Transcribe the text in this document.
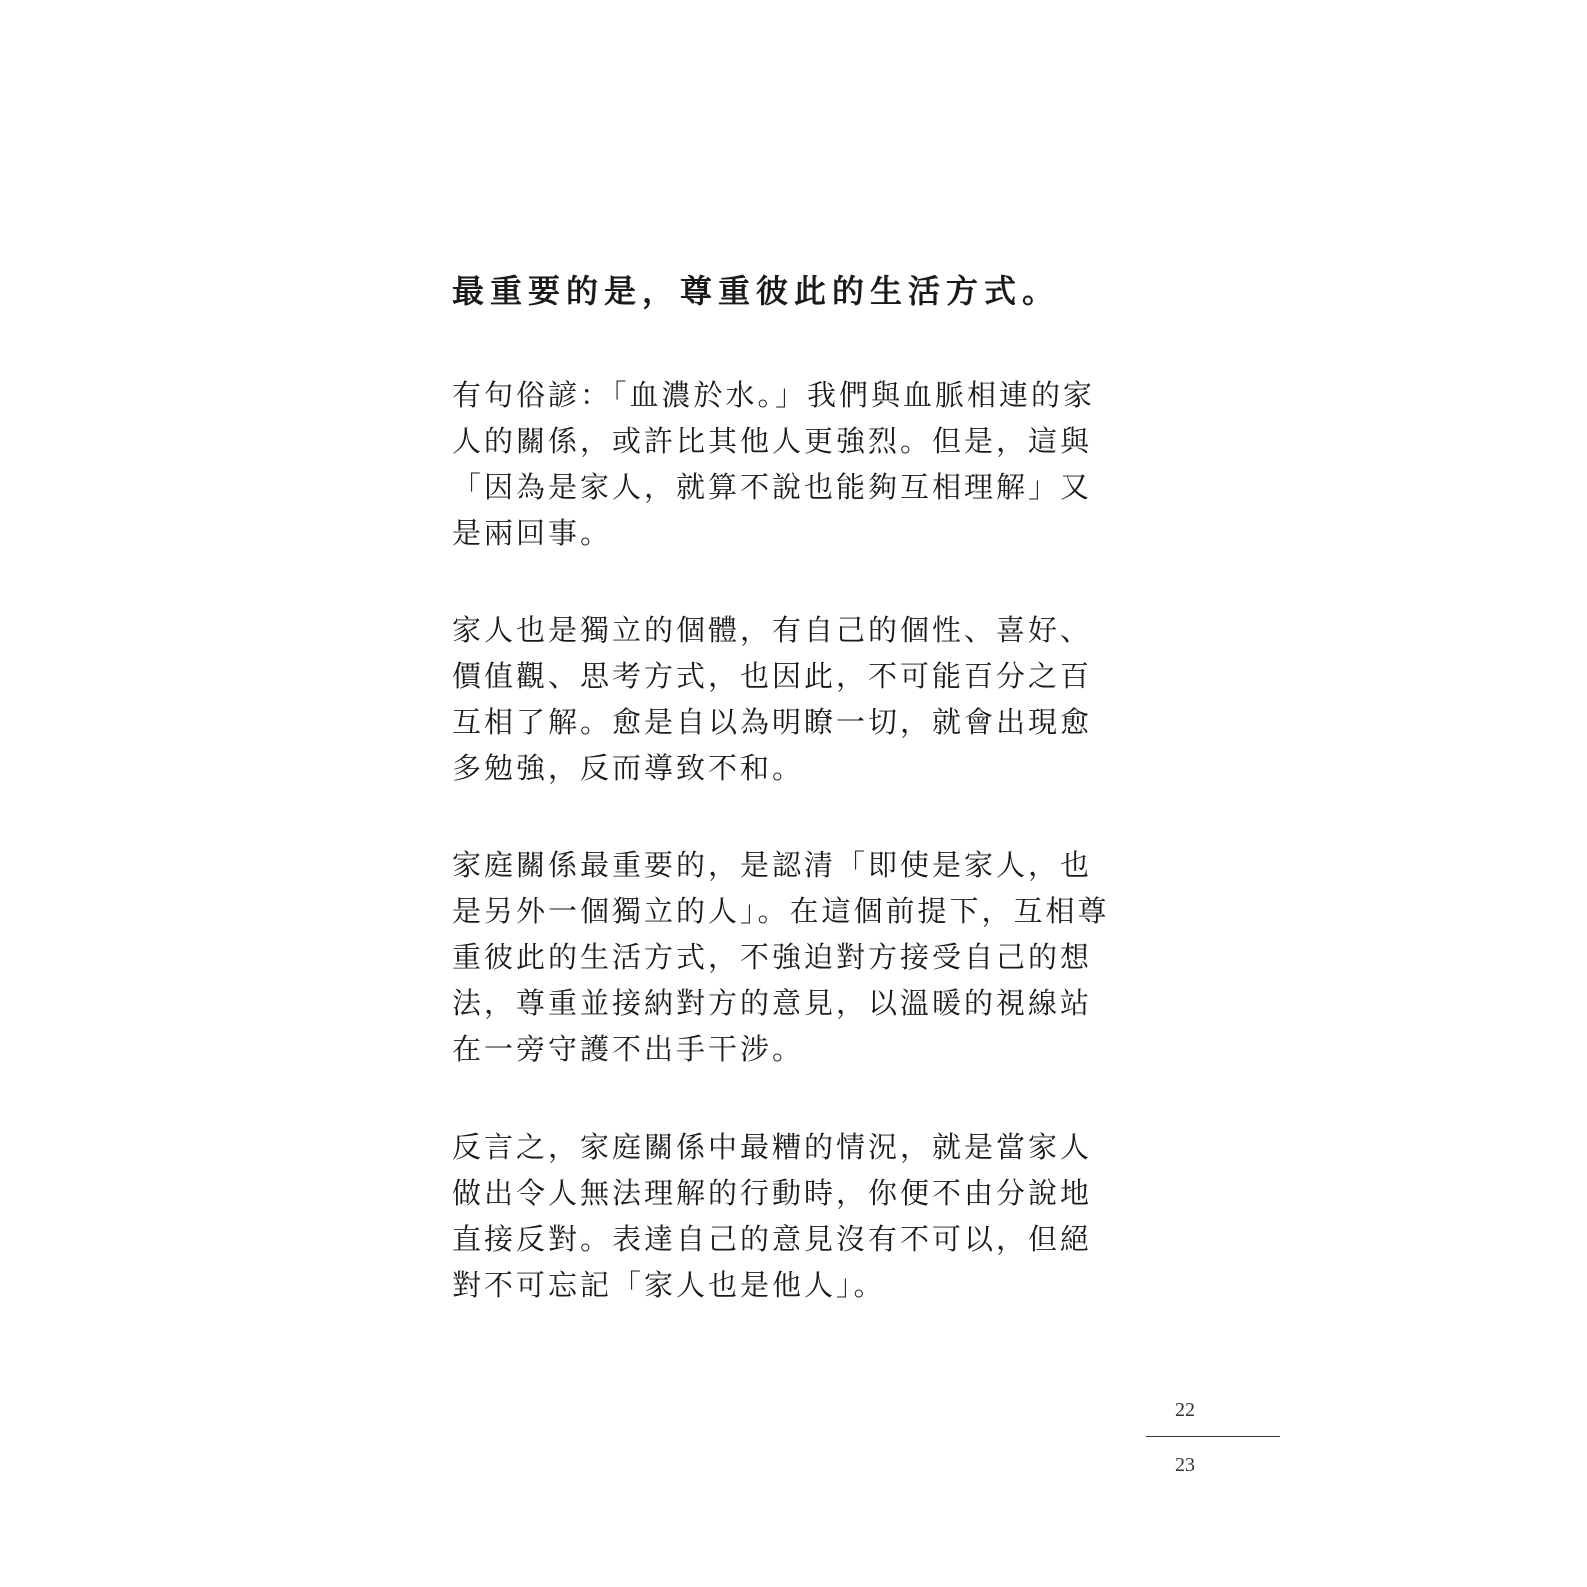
最重要的是，尊重彼此的生活方式。

有句俗諺：「血濃於水。」我們與血脈相連的家
人的關係，或許比其他人更強烈。但是，這與
「因為是家人，就算不說也能夠互相理解」又
是兩回事。

家人也是獨立的個體，有自己的個性、喜好、
價值觀、思考方式，也因此，不可能百分之百
互相了解。愈是自以為明瞭一切，就會出現愈
多勉強，反而導致不和。

家庭關係最重要的，是認清「即使是家人，也
是另外一個獨立的人」。在這個前提下，互相尊
重彼此的生活方式，不強迫對方接受自己的想
法，尊重並接納對方的意見，以溫暖的視線站
在一旁守護不出手干涉。

反言之，家庭關係中最糟的情況，就是當家人
做出令人無法理解的行動時，你便不由分說地
直接反對。表達自己的意見沒有不可以，但絕
對不可忘記「家人也是他人」。

22
23
